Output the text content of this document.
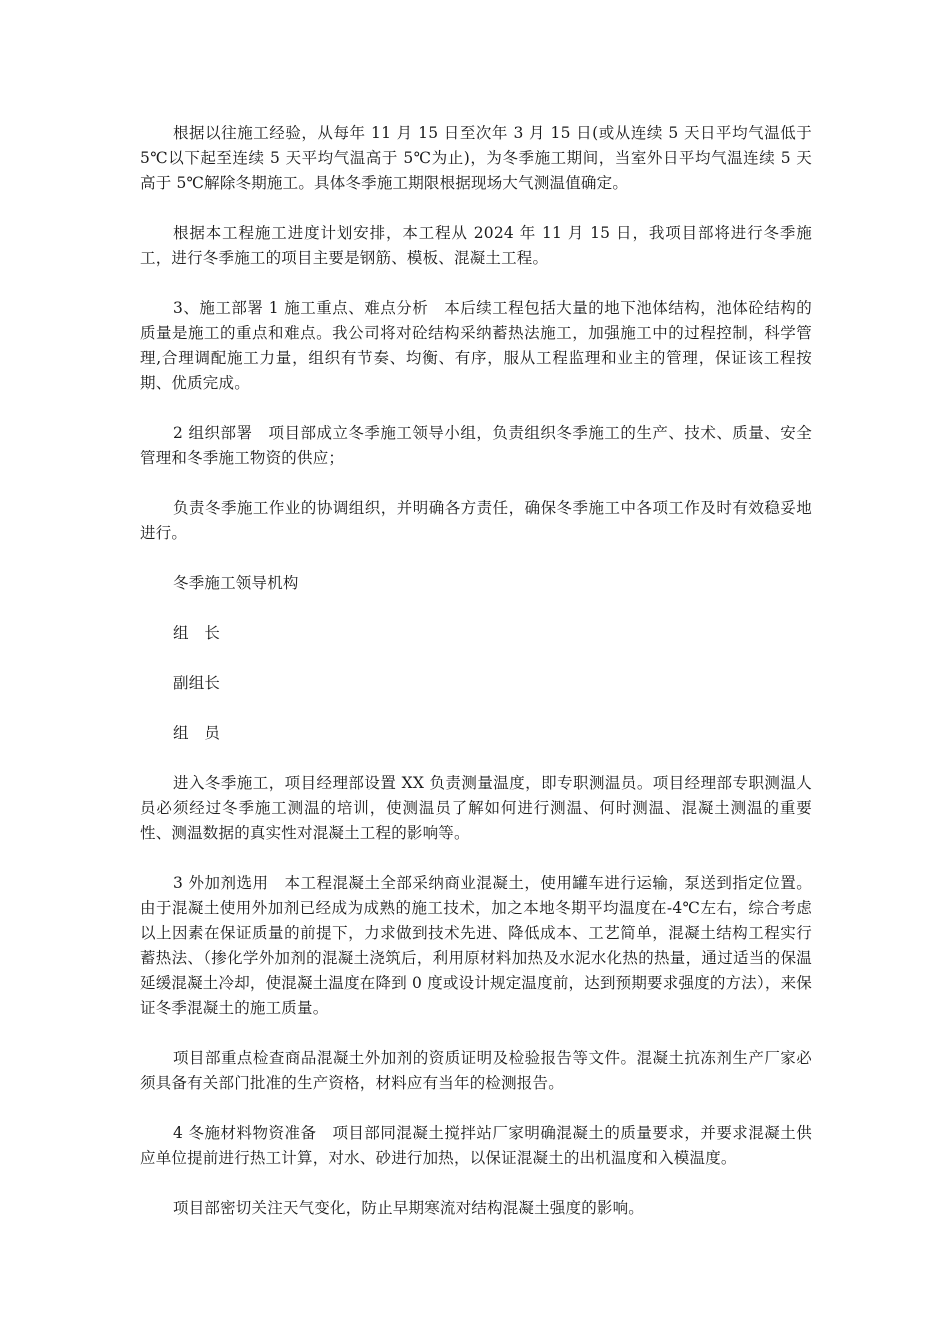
根据以往施工经验，从每年 11 月 15 日至次年 3 月 15 日(或从连续 5 天日平均气温低于 5℃以下起至连续 5 天平均气温高于 5℃为止)，为冬季施工期间，当室外日平均气温连续 5 天高于 5℃解除冬期施工。具体冬季施工期限根据现场大气测温值确定。

根据本工程施工进度计划安排，本工程从 2024 年 11 月 15 日，我项目部将进行冬季施工，进行冬季施工的项目主要是钢筋、模板、混凝土工程。

3、施工部署 1 施工重点、难点分析　本后续工程包括大量的地下池体结构，池体砼结构的质量是施工的重点和难点。我公司将对砼结构采纳蓄热法施工，加强施工中的过程控制，科学管理,合理调配施工力量，组织有节奏、均衡、有序，服从工程监理和业主的管理，保证该工程按期、优质完成。

2 组织部署　项目部成立冬季施工领导小组，负责组织冬季施工的生产、技术、质量、安全管理和冬季施工物资的供应；

负责冬季施工作业的协调组织，并明确各方责任，确保冬季施工中各项工作及时有效稳妥地进行。

冬季施工领导机构

组　长

副组长

组　员

进入冬季施工，项目经理部设置 XX 负责测量温度，即专职测温员。项目经理部专职测温人员必须经过冬季施工测温的培训，使测温员了解如何进行测温、何时测温、混凝土测温的重要性、测温数据的真实性对混凝土工程的影响等。

3 外加剂选用　本工程混凝土全部采纳商业混凝土，使用罐车进行运输，泵送到指定位置。由于混凝土使用外加剂已经成为成熟的施工技术，加之本地冬期平均温度在-4℃左右，综合考虑以上因素在保证质量的前提下，力求做到技术先进、降低成本、工艺简单，混凝土结构工程实行蓄热法、（掺化学外加剂的混凝土浇筑后，利用原材料加热及水泥水化热的热量，通过适当的保温延缓混凝土冷却，使混凝土温度在降到 0 度或设计规定温度前，达到预期要求强度的方法），来保证冬季混凝土的施工质量。

项目部重点检查商品混凝土外加剂的资质证明及检验报告等文件。混凝土抗冻剂生产厂家必须具备有关部门批准的生产资格，材料应有当年的检测报告。

4 冬施材料物资准备　项目部同混凝土搅拌站厂家明确混凝土的质量要求，并要求混凝土供应单位提前进行热工计算，对水、砂进行加热，以保证混凝土的出机温度和入模温度。

项目部密切关注天气变化，防止早期寒流对结构混凝土强度的影响。
